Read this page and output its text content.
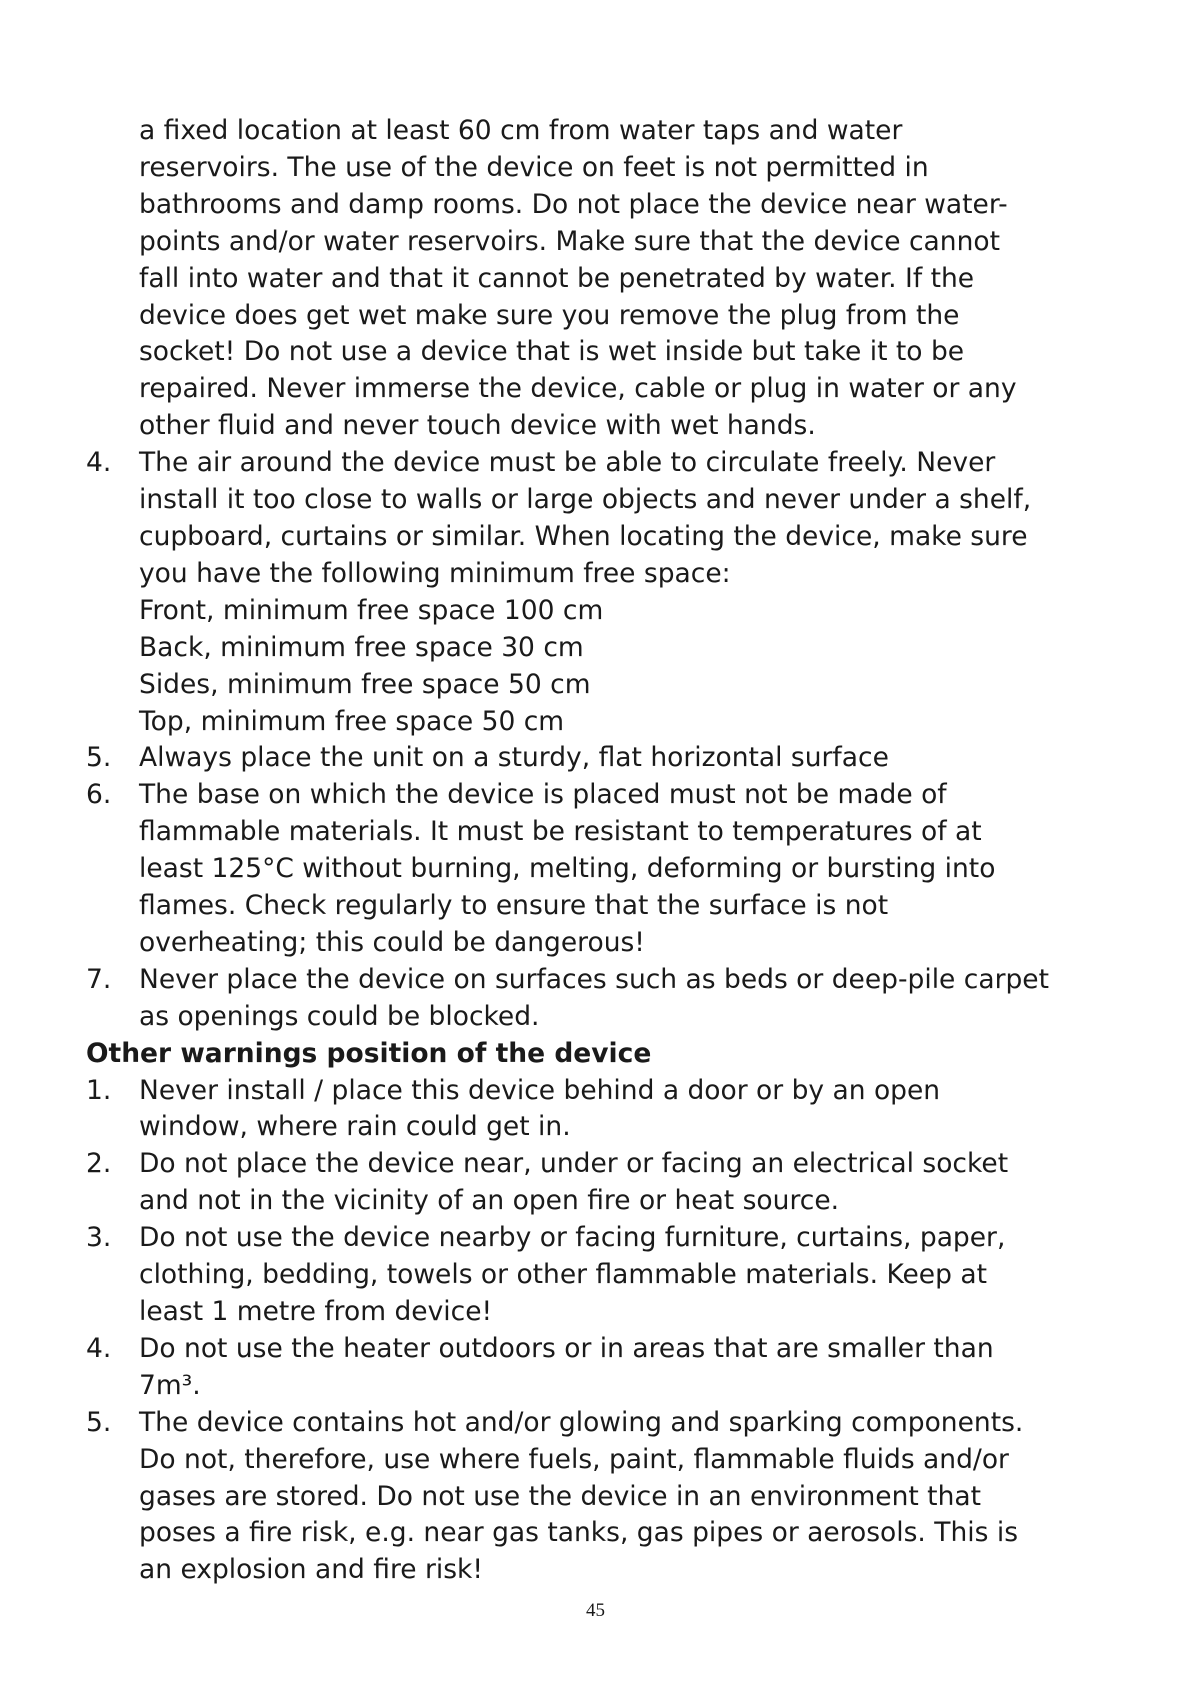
a fixed location at least 60 cm from water taps and water
reservoirs. The use of the device on feet is not permitted in
bathrooms and damp rooms. Do not place the device near water-
points and/or water reservoirs. Make sure that the device cannot
fall into water and that it cannot be penetrated by water. If the
device does get wet make sure you remove the plug from the
socket! Do not use a device that is wet inside but take it to be
repaired. Never immerse the device, cable or plug in water or any
other fluid and never touch device with wet hands.
4. The air around the device must be able to circulate freely. Never
install it too close to walls or large objects and never under a shelf,
cupboard, curtains or similar. When locating the device, make sure
you have the following minimum free space:
Front, minimum free space 100 cm
Back, minimum free space 30 cm
Sides, minimum free space 50 cm
Top, minimum free space 50 cm
5. Always place the unit on a sturdy, flat horizontal surface
6. The base on which the device is placed must not be made of
flammable materials. It must be resistant to temperatures of at
least 125°C without burning, melting, deforming or bursting into
flames. Check regularly to ensure that the surface is not
overheating; this could be dangerous!
7. Never place the device on surfaces such as beds or deep-pile carpet
as openings could be blocked.
Other warnings position of the device
1. Never install / place this device behind a door or by an open
window, where rain could get in.
2. Do not place the device near, under or facing an electrical socket
and not in the vicinity of an open fire or heat source.
3. Do not use the device nearby or facing furniture, curtains, paper,
clothing, bedding, towels or other flammable materials. Keep at
least 1 metre from device!
4. Do not use the heater outdoors or in areas that are smaller than
7m³.
5. The device contains hot and/or glowing and sparking components.
Do not, therefore, use where fuels, paint, flammable fluids and/or
gases are stored. Do not use the device in an environment that
poses a fire risk, e.g. near gas tanks, gas pipes or aerosols. This is
an explosion and fire risk!
45
